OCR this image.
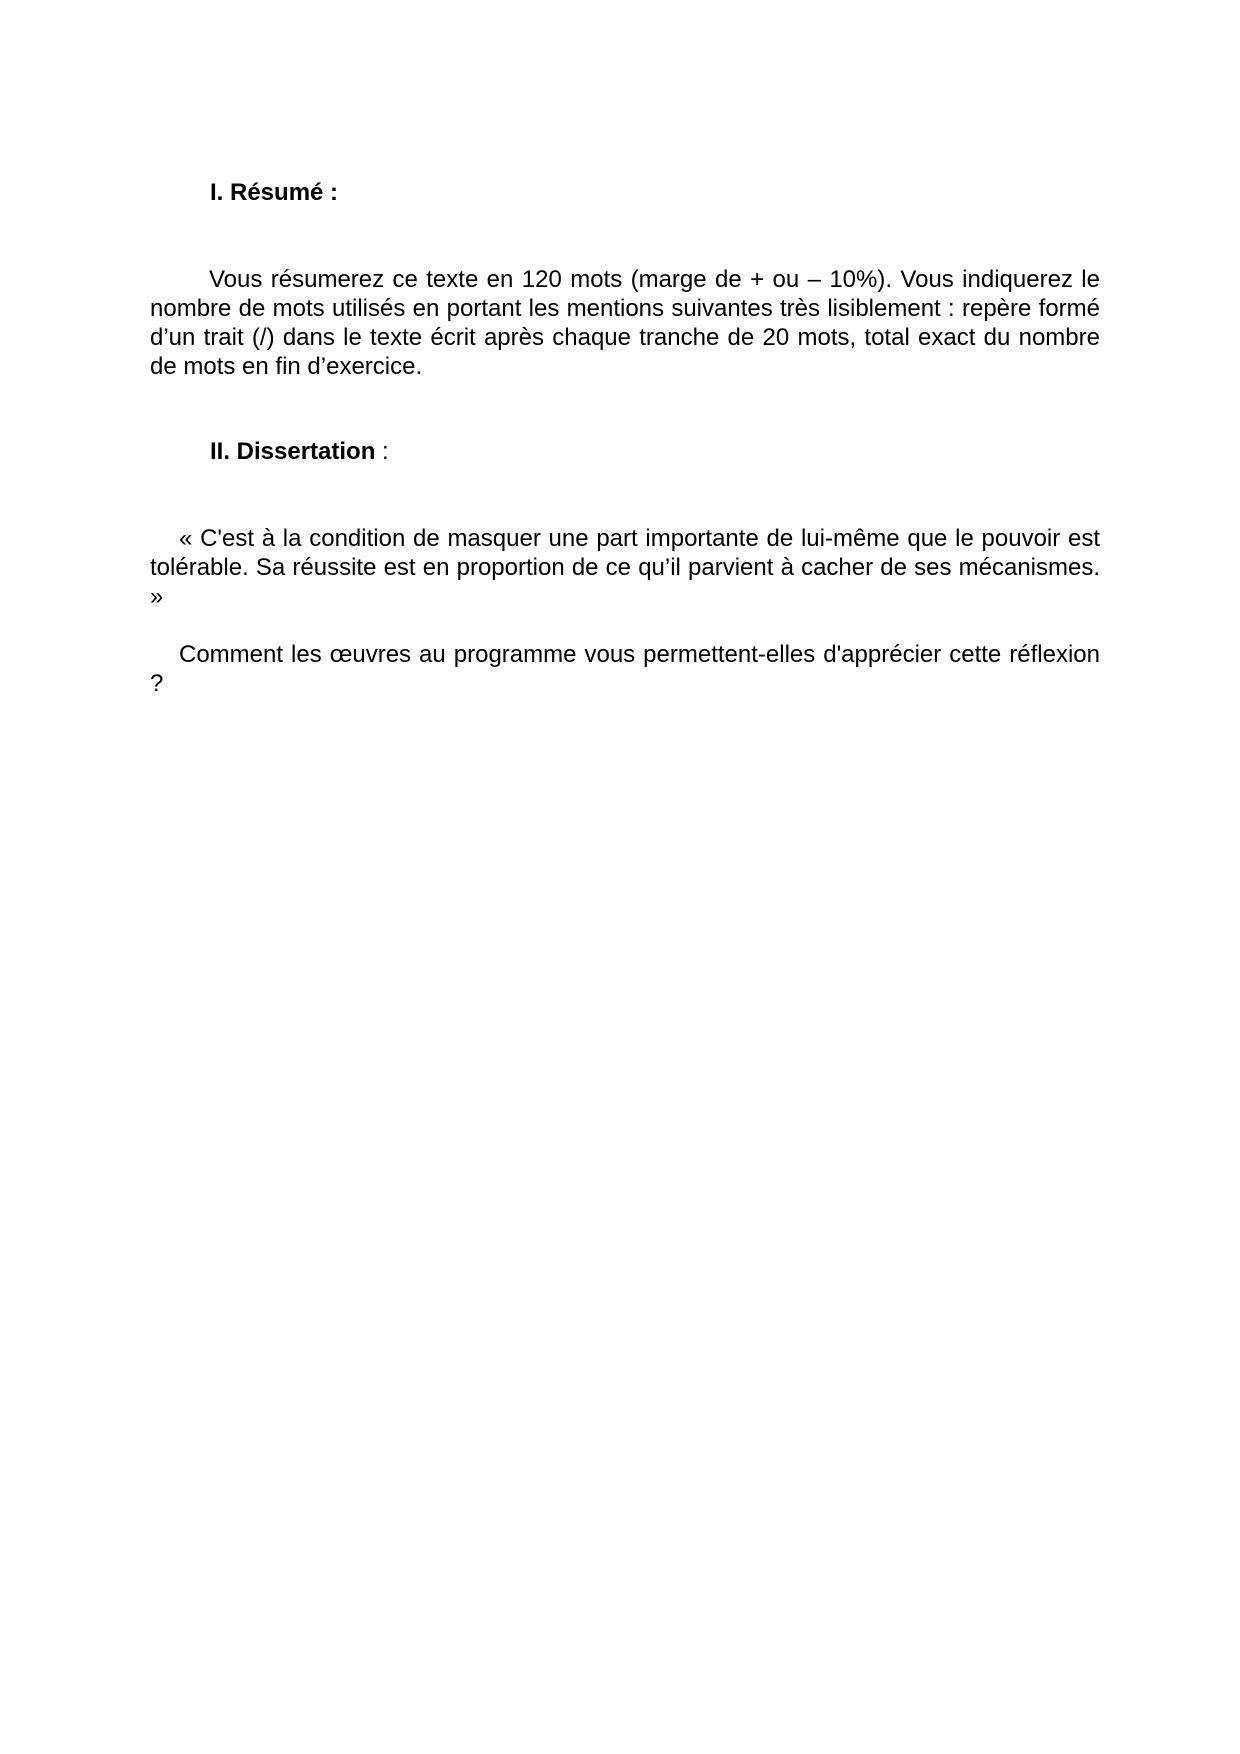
I. Résumé :

Vous résumerez ce texte en 120 mots (marge de + ou – 10%). Vous indiquerez le nombre de mots utilisés en portant les mentions suivantes très lisiblement : repère formé d’un trait (/) dans le texte écrit après chaque tranche de 20 mots, total exact du nombre de mots en fin d’exercice.

II. Dissertation :

« C'est à la condition de masquer une part importante de lui-même que le pouvoir est tolérable. Sa réussite est en proportion de ce qu’il parvient à cacher de ses mécanismes. »

Comment les œuvres au programme vous permettent-elles d'apprécier cette réflexion ?
